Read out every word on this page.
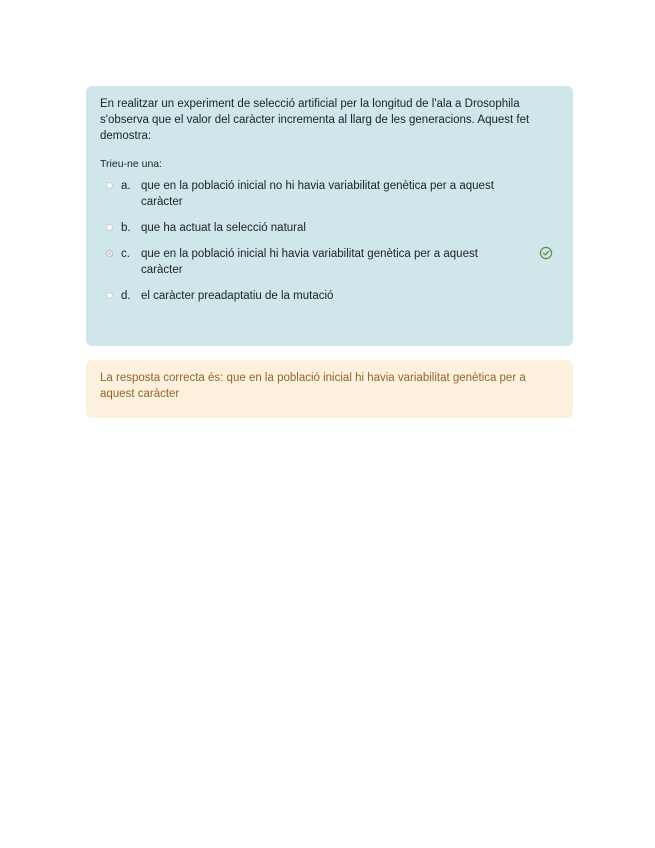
En realitzar un experiment de selecció artificial per la longitud de l'ala a Drosophila s'observa que el valor del caràcter incrementa al llarg de les generacions. Aquest fet demostra:

Trieu-ne una:
a. que en la població inicial no hi havia variabilitat genètica per a aquest caràcter
b. que ha actuat la selecció natural
c. que en la població inicial hi havia variabilitat genètica per a aquest caràcter
d. el caràcter preadaptatiu de la mutació
La resposta correcta és: que en la població inicial hi havia variabilitat genètica per a aquest caràcter
